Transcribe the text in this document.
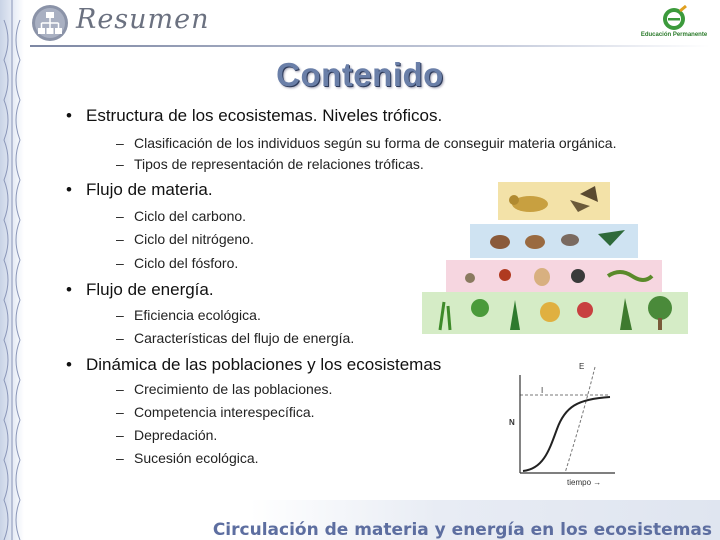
Resumen	Educación Permanente
Contenido
• Estructura de los ecosistemas. Niveles tróficos.
– Clasificación de los individuos según su forma de conseguir materia orgánica.
– Tipos de representación de relaciones tróficas.
• Flujo de materia.
– Ciclo del carbono.
– Ciclo del nitrógeno.
– Ciclo del fósforo.
• Flujo de energía.
– Eficiencia ecológica.
– Características del flujo de energía.
• Dinámica de las poblaciones y los ecosistemas
– Crecimiento de las poblaciones.
– Competencia interespecífica.
– Depredación.
– Sucesión ecológica.
E
I
N
tiempo →
Circulación de materia y energía en los ecosistemas
